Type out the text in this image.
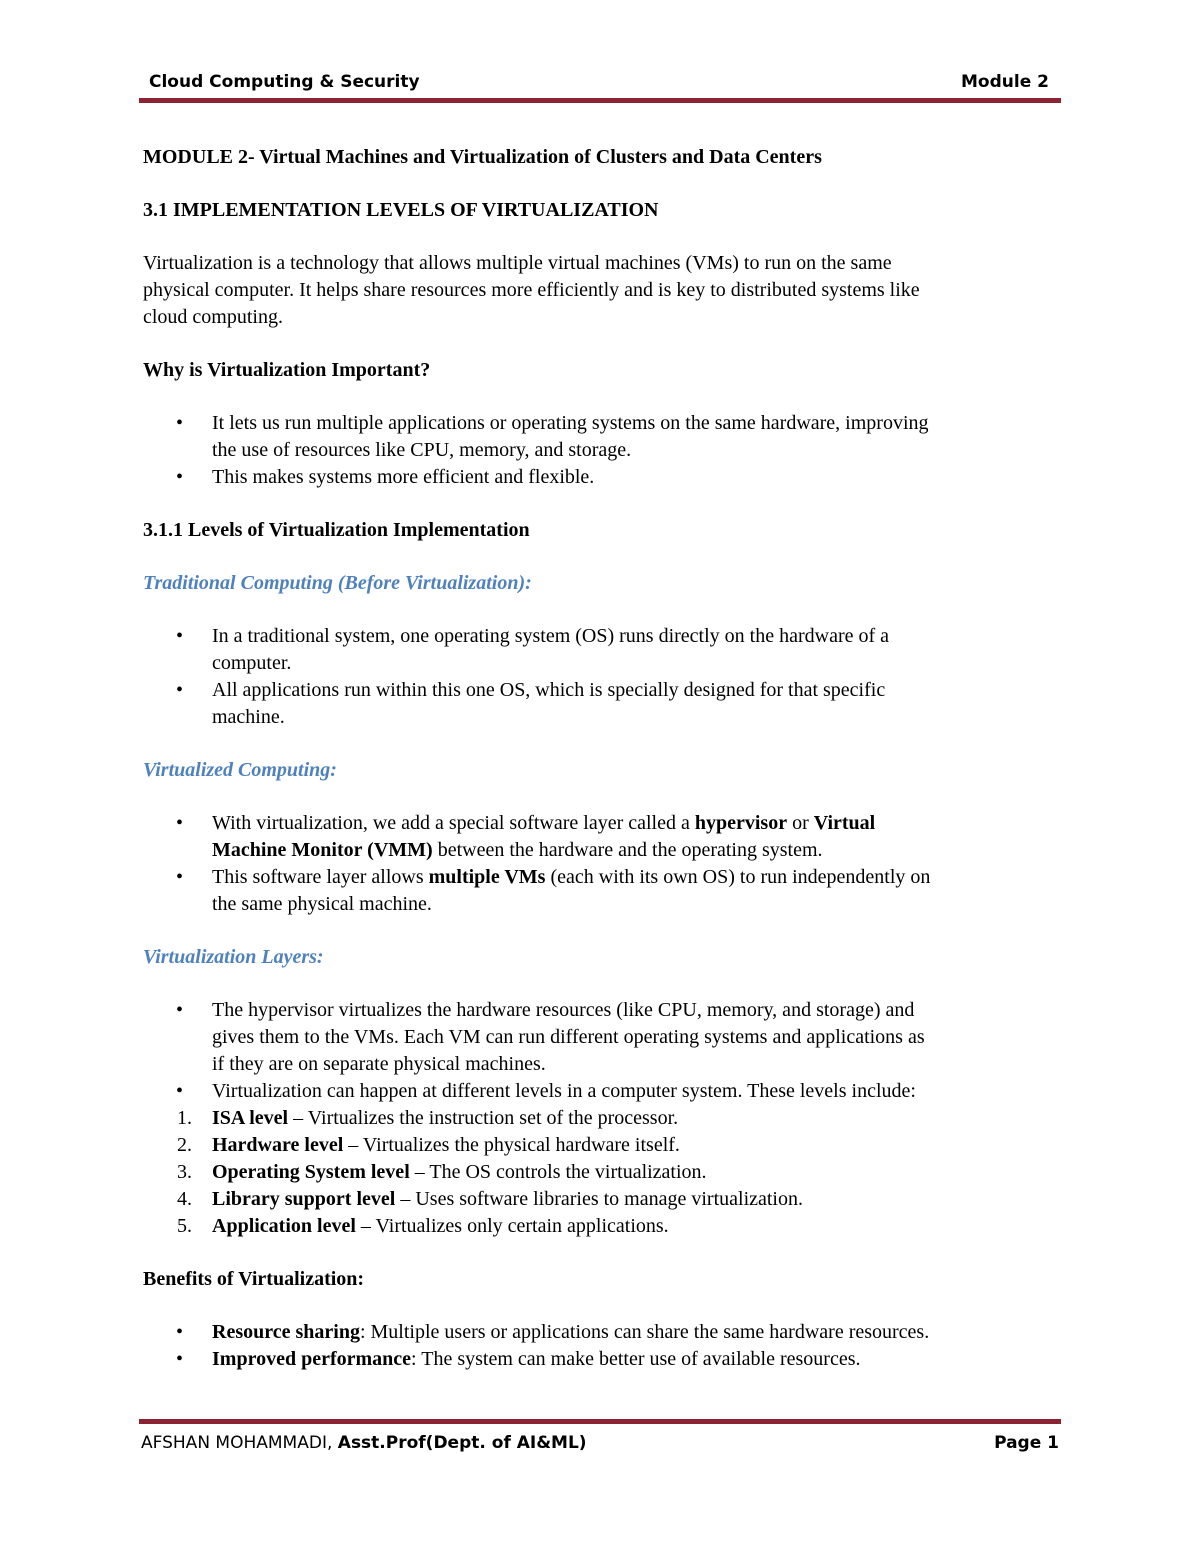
Cloud Computing & Security	Module 2

MODULE 2- Virtual Machines and Virtualization of Clusters and Data Centers

3.1 IMPLEMENTATION LEVELS OF VIRTUALIZATION

Virtualization is a technology that allows multiple virtual machines (VMs) to run on the same
physical computer. It helps share resources more efficiently and is key to distributed systems like
cloud computing.

Why is Virtualization Important?

• It lets us run multiple applications or operating systems on the same hardware, improving
the use of resources like CPU, memory, and storage.
• This makes systems more efficient and flexible.

3.1.1 Levels of Virtualization Implementation

Traditional Computing (Before Virtualization):

• In a traditional system, one operating system (OS) runs directly on the hardware of a
computer.
• All applications run within this one OS, which is specially designed for that specific
machine.

Virtualized Computing:

• With virtualization, we add a special software layer called a hypervisor or Virtual
Machine Monitor (VMM) between the hardware and the operating system.
• This software layer allows multiple VMs (each with its own OS) to run independently on
the same physical machine.

Virtualization Layers:

• The hypervisor virtualizes the hardware resources (like CPU, memory, and storage) and
gives them to the VMs. Each VM can run different operating systems and applications as
if they are on separate physical machines.
• Virtualization can happen at different levels in a computer system. These levels include:
1. ISA level – Virtualizes the instruction set of the processor.
2. Hardware level – Virtualizes the physical hardware itself.
3. Operating System level – The OS controls the virtualization.
4. Library support level – Uses software libraries to manage virtualization.
5. Application level – Virtualizes only certain applications.

Benefits of Virtualization:

• Resource sharing: Multiple users or applications can share the same hardware resources.
• Improved performance: The system can make better use of available resources.
AFSHAN MOHAMMADI, Asst.Prof(Dept. of AI&ML)	Page 1
